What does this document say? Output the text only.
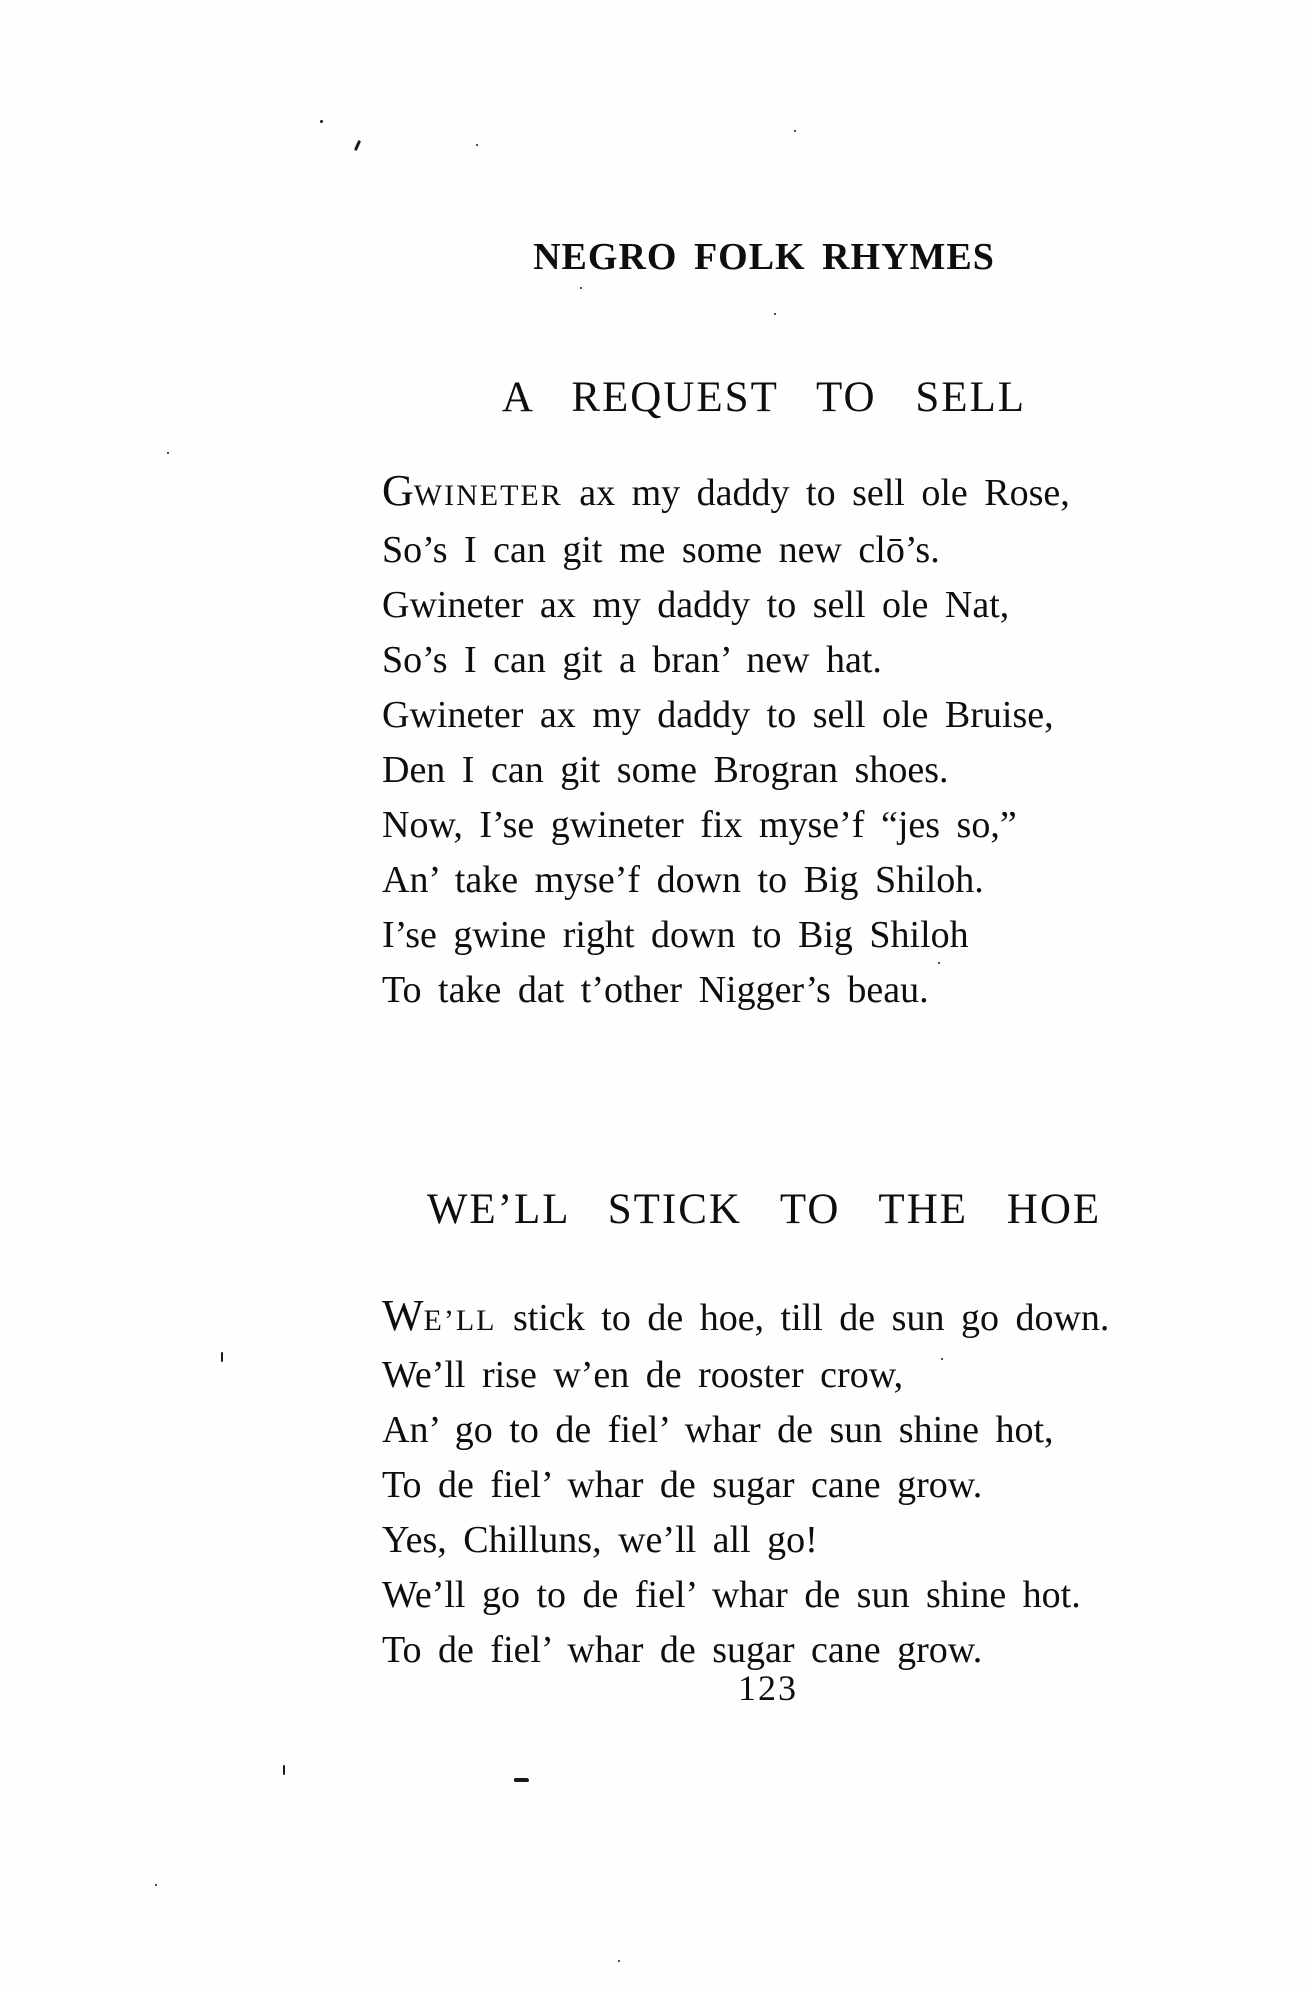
NEGRO FOLK RHYMES
A REQUEST TO SELL
GWINETER ax my daddy to sell ole Rose,
So’s I can git me some new clō’s.
Gwineter ax my daddy to sell ole Nat,
So’s I can git a bran’ new hat.
Gwineter ax my daddy to sell ole Bruise,
Den I can git some Brogran shoes.
Now, I’se gwineter fix myse’f “jes so,”
An’ take myse’f down to Big Shiloh.
I’se gwine right down to Big Shiloh
To take dat t’other Nigger’s beau.
WE’LL STICK TO THE HOE
WE’LL stick to de hoe, till de sun go down.
We’ll rise w’en de rooster crow,
An’ go to de fiel’ whar de sun shine hot,
To de fiel’ whar de sugar cane grow.
Yes, Chilluns, we’ll all go!
We’ll go to de fiel’ whar de sun shine hot.
To de fiel’ whar de sugar cane grow.
123
